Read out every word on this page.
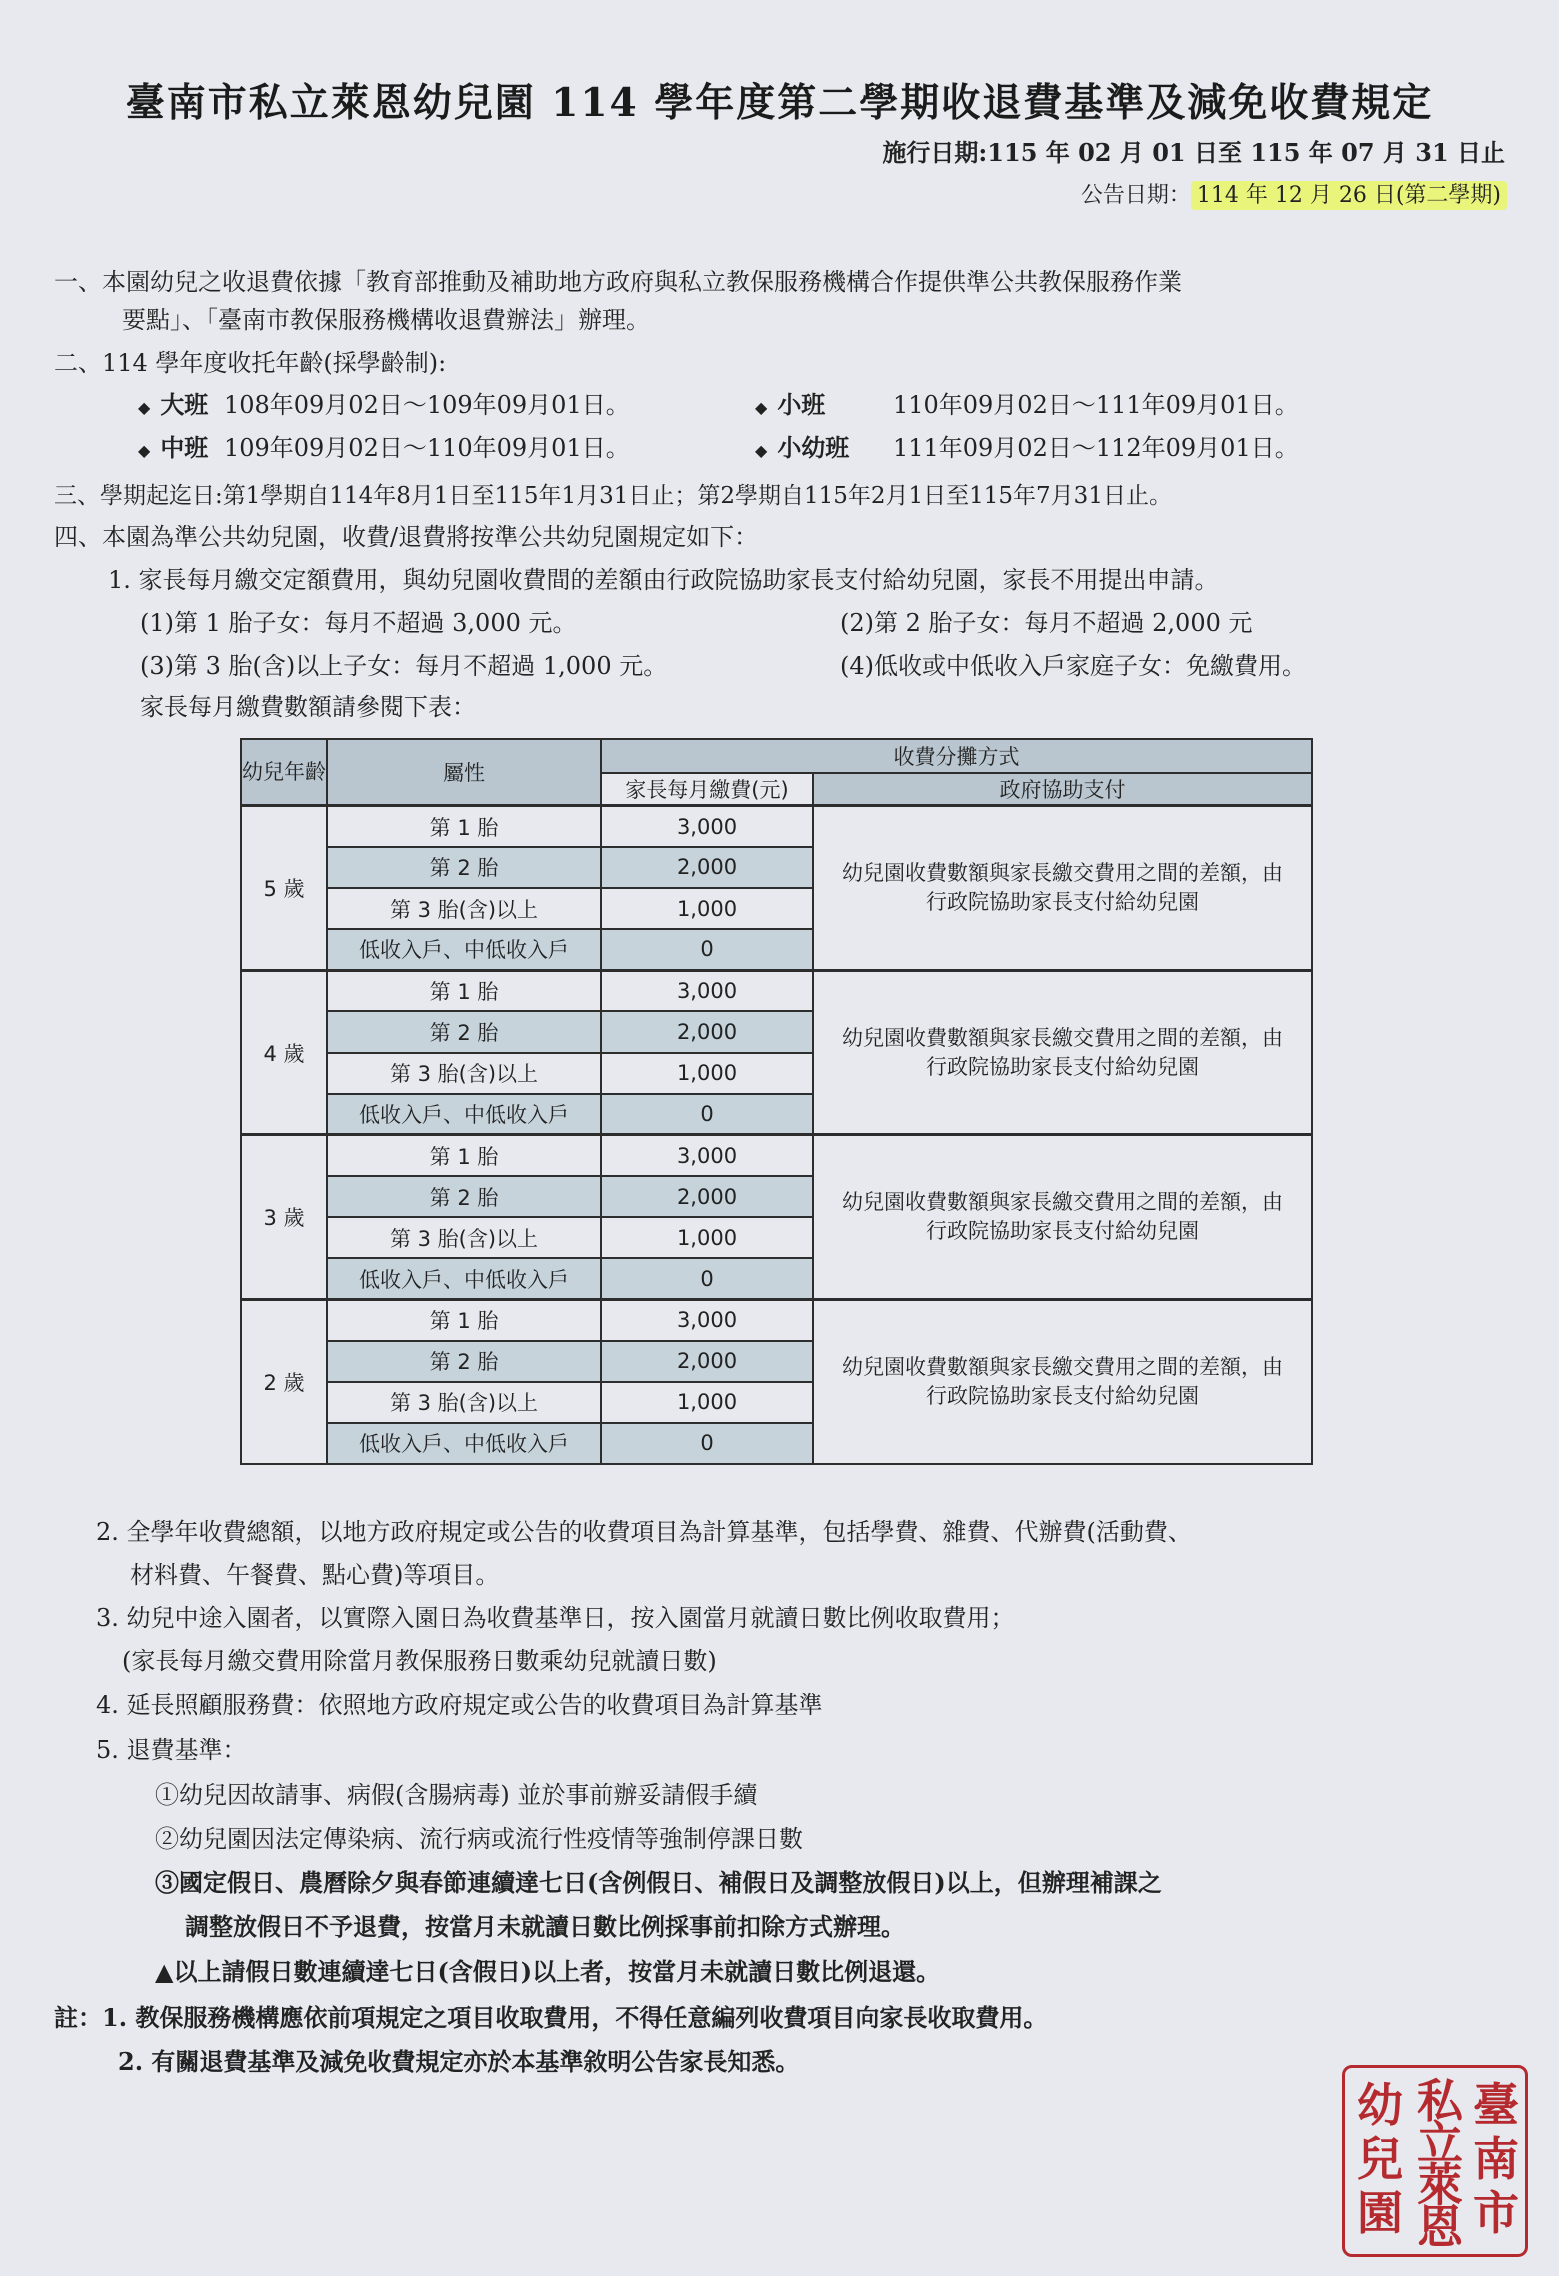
臺南市私立萊恩幼兒園 114 學年度第二學期收退費基準及減免收費規定
施行日期:115 年 02 月 01 日至 115 年 07 月 31 日止
公告日期： 114 年 12 月 26 日(第二學期)
一、本園幼兒之收退費依據「教育部推動及補助地方政府與私立教保服務機構合作提供準公共教保服務作業
要點」、「臺南市教保服務機構收退費辦法」辦理。
二、114 學年度收托年齡(採學齡制):
◆ 大班 108年09月02日～109年09月01日。	◆ 小班	110年09月02日～111年09月01日。
◆ 中班 109年09月02日～110年09月01日。	◆ 小幼班 111年09月02日～112年09月01日。
三、學期起迄日:第1學期自114年8月1日至115年1月31日止；第2學期自115年2月1日至115年7月31日止。
四、本園為準公共幼兒園，收費/退費將按準公共幼兒園規定如下：
1. 家長每月繳交定額費用，與幼兒園收費間的差額由行政院協助家長支付給幼兒園，家長不用提出申請。
(1)第 1 胎子女：每月不超過 3,000 元。	(2)第 2 胎子女：每月不超過 2,000 元
(3)第 3 胎(含)以上子女：每月不超過 1,000 元。	(4)低收或中低收入戶家庭子女：免繳費用。
家長每月繳費數額請參閱下表：
幼兒年齡	屬性	收費分攤方式	
		家長每月繳費(元)	政府協助支付
5 歲	第 1 胎	3,000	幼兒園收費數額與家長繳交費用之間的差額，由行政院協助家長支付給幼兒園
	第 2 胎	2,000	
	第 3 胎(含)以上	1,000	
	低收入戶、中低收入戶	0	
4 歲	第 1 胎	3,000	幼兒園收費數額與家長繳交費用之間的差額，由行政院協助家長支付給幼兒園
	第 2 胎	2,000	
	第 3 胎(含)以上	1,000	
	低收入戶、中低收入戶	0	
3 歲	第 1 胎	3,000	幼兒園收費數額與家長繳交費用之間的差額，由行政院協助家長支付給幼兒園
	第 2 胎	2,000	
	第 3 胎(含)以上	1,000	
	低收入戶、中低收入戶	0	
2 歲	第 1 胎	3,000	幼兒園收費數額與家長繳交費用之間的差額，由行政院協助家長支付給幼兒園
	第 2 胎	2,000	
	第 3 胎(含)以上	1,000	
	低收入戶、中低收入戶	0	
2. 全學年收費總額，以地方政府規定或公告的收費項目為計算基準，包括學費、雜費、代辦費(活動費、
材料費、午餐費、點心費)等項目。
3. 幼兒中途入園者，以實際入園日為收費基準日，按入園當月就讀日數比例收取費用；
(家長每月繳交費用除當月教保服務日數乘幼兒就讀日數)
4. 延長照顧服務費：依照地方政府規定或公告的收費項目為計算基準
5. 退費基準：
①幼兒因故請事、病假(含腸病毒) 並於事前辦妥請假手續
②幼兒園因法定傳染病、流行病或流行性疫情等強制停課日數
③國定假日、農曆除夕與春節連續達七日(含例假日、補假日及調整放假日)以上，但辦理補課之
調整放假日不予退費，按當月未就讀日數比例採事前扣除方式辦理。
▲以上請假日數連續達七日(含假日)以上者，按當月未就讀日數比例退還。
註：1. 教保服務機構應依前項規定之項目收取費用，不得任意編列收費項目向家長收取費用。
2. 有關退費基準及減免收費規定亦於本基準敘明公告家長知悉。
臺
南
市
私
立
萊
恩
幼
兒
園
